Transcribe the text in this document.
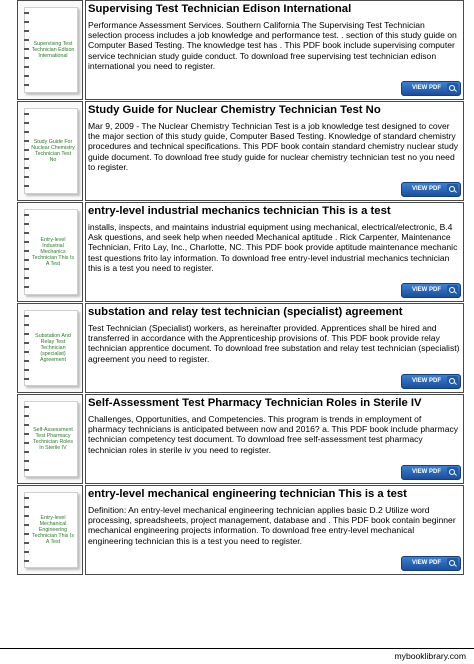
Supervising Test Technician Edison International
Supervising Test Technician Edison International
Performance Assessment Services. Southern California The Supervising Test Technician selection process includes a job knowledge and performance test. . section of this study guide on Computer Based Testing. The knowledge test has . This PDF book include supervising computer service technician study guide conduct. To download free supervising test technician edison international you need to register.
VIEW PDF
Study Guide For Nuclear Chemistry Technician Test No
Study Guide for Nuclear Chemistry Technician Test No
Mar 9, 2009 - The Nuclear Chemistry Technician Test is a job knowledge test designed to cover the major section of this study guide, Computer Based Testing. Knowledge of standard chemistry procedures and technical specifications. This PDF book contain standard chemistry nuclear study guide document. To download free study guide for nuclear chemistry technician test no you need to register.
VIEW PDF
Entry-level Industrial Mechanics Technician This Is A Test
entry-level industrial mechanics technician This is a test
installs, inspects, and maintains industrial equipment using mechanical, electrical/electronic, B.4 Ask questions, and seek help when needed Mechanical aptitude . Rick Carpenter, Maintenance Technician, Frito Lay, Inc., Charlotte, NC. This PDF book provide aptitude maintenance mechanic test questions frito lay information. To download free entry-level industrial mechanics technician this is a test you need to register.
VIEW PDF
Substation And Relay Test Technician (specialist) Agreement
substation and relay test technician (specialist) agreement
Test Technician (Specialist) workers, as hereinafter provided. Apprentices shall be hired and transferred in accordance with the Apprenticeship provisions of. This PDF book provide relay technician apprentice document. To download free substation and relay test technician (specialist) agreement you need to register.
VIEW PDF
Self-Assessment Test Pharmacy Technician Roles In Sterile IV
Self-Assessment Test Pharmacy Technician Roles in Sterile IV
Challenges, Opportunities, and Competencies. This program is trends in employment of pharmacy technicians is anticipated between now and 2016? a. This PDF book include pharmacy technician competency test document. To download free self-assessment test pharmacy technician roles in sterile iv you need to register.
VIEW PDF
Entry-level Mechanical Engineering Technician This Is A Test
entry-level mechanical engineering technician This is a test
Definition: An entry-level mechanical engineering technician applies basic D.2 Utilize word processing, spreadsheets, project management, database and . This PDF book contain beginner mechanical engineering projects information. To download free entry-level mechanical engineering technician this is a test you need to register.
VIEW PDF
mybooklibrary.com
